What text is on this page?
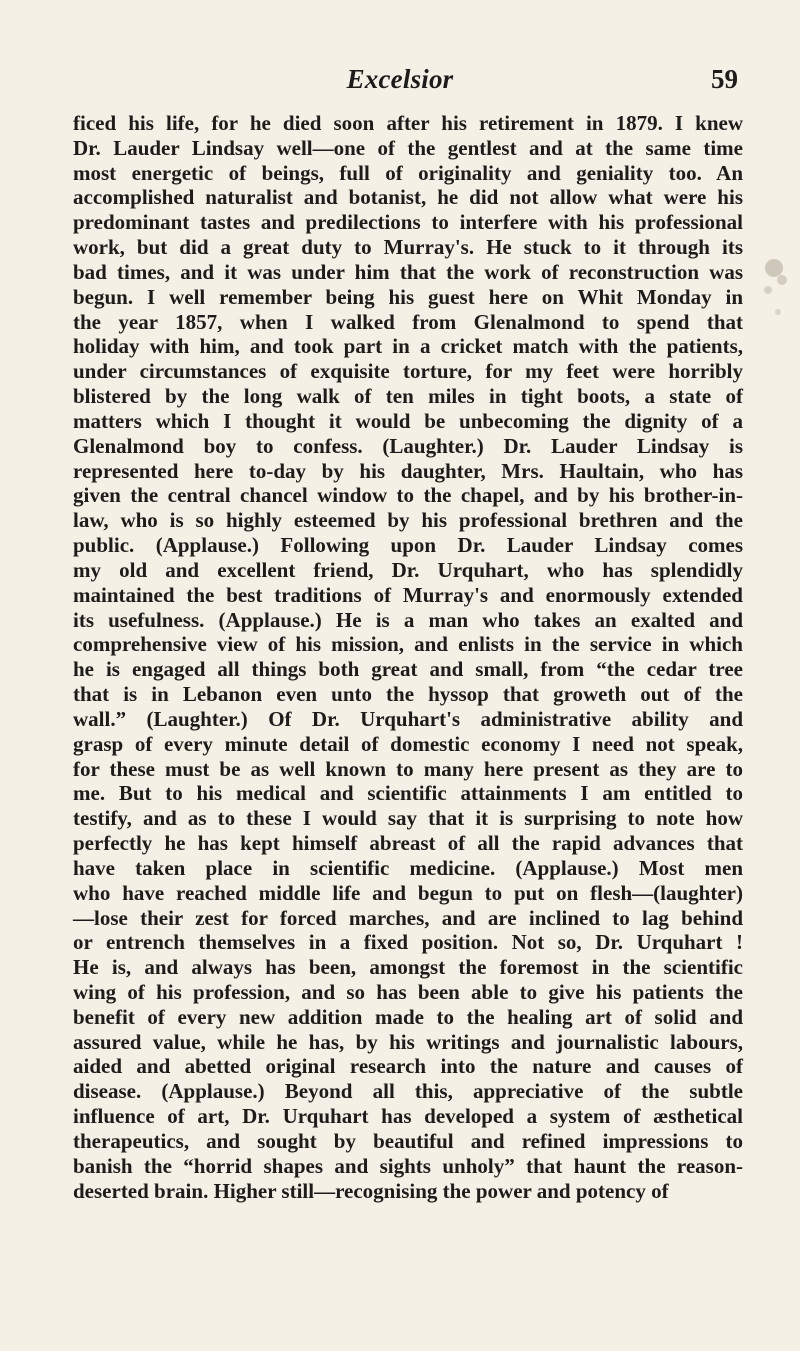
Excelsior	59
ficed his life, for he died soon after his retirement in 1879. I knew
Dr. Lauder Lindsay well—one of the gentlest and at the same time
most energetic of beings, full of originality and geniality too. An
accomplished naturalist and botanist, he did not allow what were his
predominant tastes and predilections to interfere with his professional
work, but did a great duty to Murray's. He stuck to it through its
bad times, and it was under him that the work of reconstruction was
begun. I well remember being his guest here on Whit Monday in
the year 1857, when I walked from Glenalmond to spend that
holiday with him, and took part in a cricket match with the patients,
under circumstances of exquisite torture, for my feet were horribly
blistered by the long walk of ten miles in tight boots, a state of
matters which I thought it would be unbecoming the dignity of a
Glenalmond boy to confess. (Laughter.) Dr. Lauder Lindsay is
represented here to-day by his daughter, Mrs. Haultain, who has
given the central chancel window to the chapel, and by his brother-in-
law, who is so highly esteemed by his professional brethren and the
public. (Applause.) Following upon Dr. Lauder Lindsay comes
my old and excellent friend, Dr. Urquhart, who has splendidly
maintained the best traditions of Murray's and enormously extended
its usefulness. (Applause.) He is a man who takes an exalted and
comprehensive view of his mission, and enlists in the service in which
he is engaged all things both great and small, from “the cedar tree
that is in Lebanon even unto the hyssop that groweth out of the
wall.” (Laughter.) Of Dr. Urquhart's administrative ability and
grasp of every minute detail of domestic economy I need not speak,
for these must be as well known to many here present as they are to
me. But to his medical and scientific attainments I am entitled to
testify, and as to these I would say that it is surprising to note how
perfectly he has kept himself abreast of all the rapid advances that
have taken place in scientific medicine. (Applause.) Most men
who have reached middle life and begun to put on flesh—(laughter)
—lose their zest for forced marches, and are inclined to lag behind
or entrench themselves in a fixed position. Not so, Dr. Urquhart !
He is, and always has been, amongst the foremost in the scientific
wing of his profession, and so has been able to give his patients the
benefit of every new addition made to the healing art of solid and
assured value, while he has, by his writings and journalistic labours,
aided and abetted original research into the nature and causes of
disease. (Applause.) Beyond all this, appreciative of the subtle
influence of art, Dr. Urquhart has developed a system of æsthetical
therapeutics, and sought by beautiful and refined impressions to
banish the “horrid shapes and sights unholy” that haunt the reason-
deserted brain. Higher still—recognising the power and potency of
